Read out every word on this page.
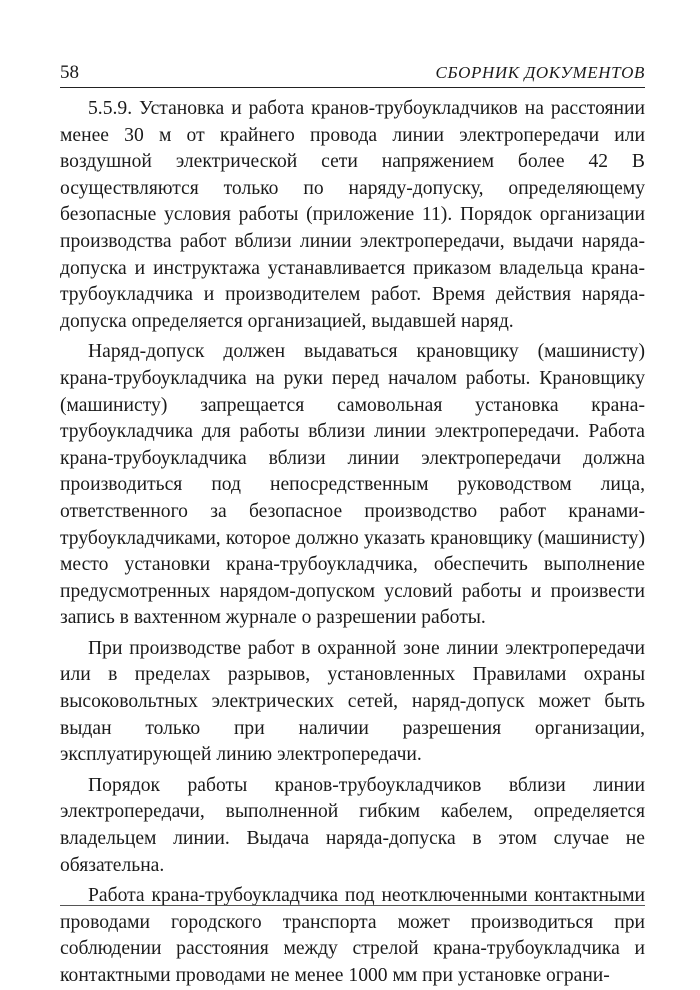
58	СБОРНИК ДОКУМЕНТОВ

5.5.9. Установка и работа кранов-трубоукладчиков на расстоянии менее 30 м от крайнего провода линии электропередачи или воздушной электрической сети напряжением более 42 В осуществляются только по наряду-допуску, определяющему безопасные условия работы (приложение 11). Порядок организации производства работ вблизи линии электропередачи, выдачи наряда-допуска и инструктажа устанавливается приказом владельца крана-трубоукладчика и производителем работ. Время действия наряда-допуска определяется организацией, выдавшей наряд.

Наряд-допуск должен выдаваться крановщику (машинисту) крана-трубоукладчика на руки перед началом работы. Крановщику (машинисту) запрещается самовольная установка крана-трубоукладчика для работы вблизи линии электропередачи. Работа крана-трубоукладчика вблизи линии электропередачи должна производиться под непосредственным руководством лица, ответственного за безопасное производство работ кранами-трубоукладчиками, которое должно указать крановщику (машинисту) место установки крана-трубоукладчика, обеспечить выполнение предусмотренных нарядом-допуском условий работы и произвести запись в вахтенном журнале о разрешении работы.

При производстве работ в охранной зоне линии электропередачи или в пределах разрывов, установленных Правилами охраны высоковольтных электрических сетей, наряд-допуск может быть выдан только при наличии разрешения организации, эксплуатирующей линию электропередачи.

Порядок работы кранов-трубоукладчиков вблизи линии электропередачи, выполненной гибким кабелем, определяется владельцем линии. Выдача наряда-допуска в этом случае не обязательна.

Работа крана-трубоукладчика под неотключенными контактными проводами городского транспорта может производиться при соблюдении расстояния между стрелой крана-трубоукладчика и контактными проводами не менее 1000 мм при установке ограни-
